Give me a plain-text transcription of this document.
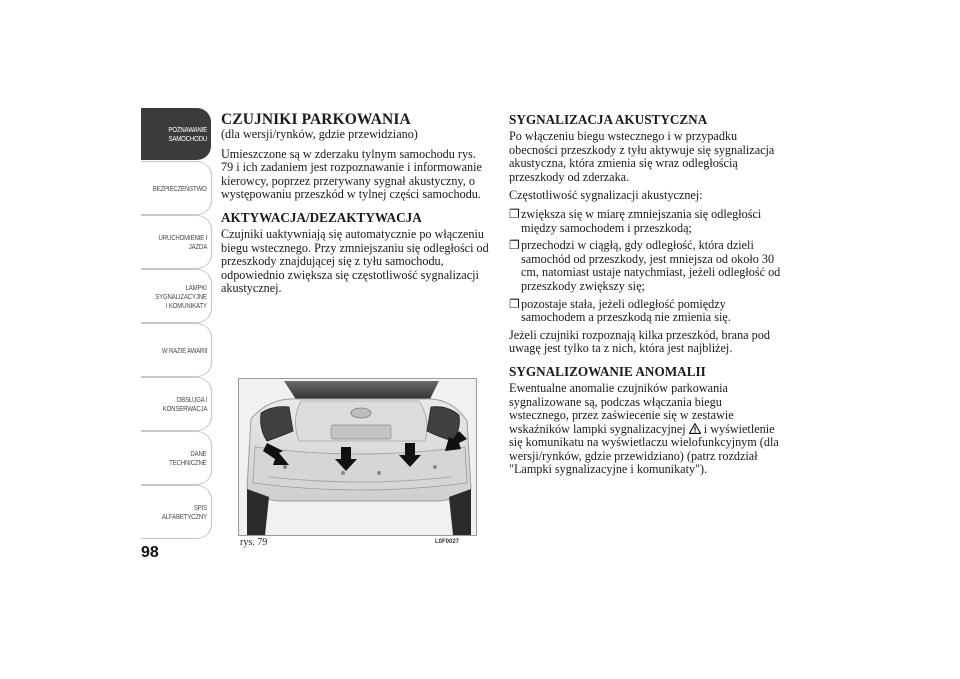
POZNAWANIE
SAMOCHODU
BEZPIECZEŃSTWO
URUCHOMIENIE I
JAZDA
LAMPKI
SYGNALIZACYJNE
I KOMUNIKATY
W RAZIE AWARII
OBSŁUGA I
KONSERWACJA
DANE
TECHNICZNE
SPIS
ALFABETYCZNY
98
CZUJNIKI PARKOWANIA

(dla wersji/rynków, gdzie przewidziano)

Umieszczone są w zderzaku tylnym samochodu rys. 79 i ich zadaniem jest rozpoznawanie i informowanie kierowcy, poprzez przerywany sygnał akustyczny, o występowaniu przeszkód w tylnej części samochodu.

AKTYWACJA/DEZAKTYWACJA

Czujniki uaktywniają się automatycznie po włączeniu biegu wstecznego. Przy zmniejszaniu się odległości od przeszkody znajdującej się z tyłu samochodu, odpowiednio zwiększa się częstotliwość sygnalizacji akustycznej.

rys. 79	L0F0027
SYGNALIZACJA AKUSTYCZNA

Po włączeniu biegu wstecznego i w przypadku obecności przeszkody z tyłu aktywuje się sygnalizacja akustyczna, która zmienia się wraz odległością przeszkody od zderzaka.

Częstotliwość sygnalizacji akustycznej:

❐ zwiększa się w miarę zmniejszania się odległości między samochodem i przeszkodą;
❐ przechodzi w ciągłą, gdy odległość, która dzieli samochód od przeszkody, jest mniejsza od około 30 cm, natomiast ustaje natychmiast, jeżeli odległość od przeszkody zwiększy się;
❐ pozostaje stała, jeżeli odległość pomiędzy samochodem a przeszkodą nie zmienia się.

Jeżeli czujniki rozpoznają kilka przeszkód, brana pod uwagę jest tylko ta z nich, która jest najbliżej.

SYGNALIZOWANIE ANOMALII

Ewentualne anomalie czujników parkowania sygnalizowane są, podczas włączania biegu wstecznego, przez zaświecenie się w zestawie wskaźników lampki sygnalizacyjnej i wyświetlenie się komunikatu na wyświetlaczu wielofunkcyjnym (dla wersji/rynków, gdzie przewidziano) (patrz rozdział "Lampki sygnalizacyjne i komunikaty").
